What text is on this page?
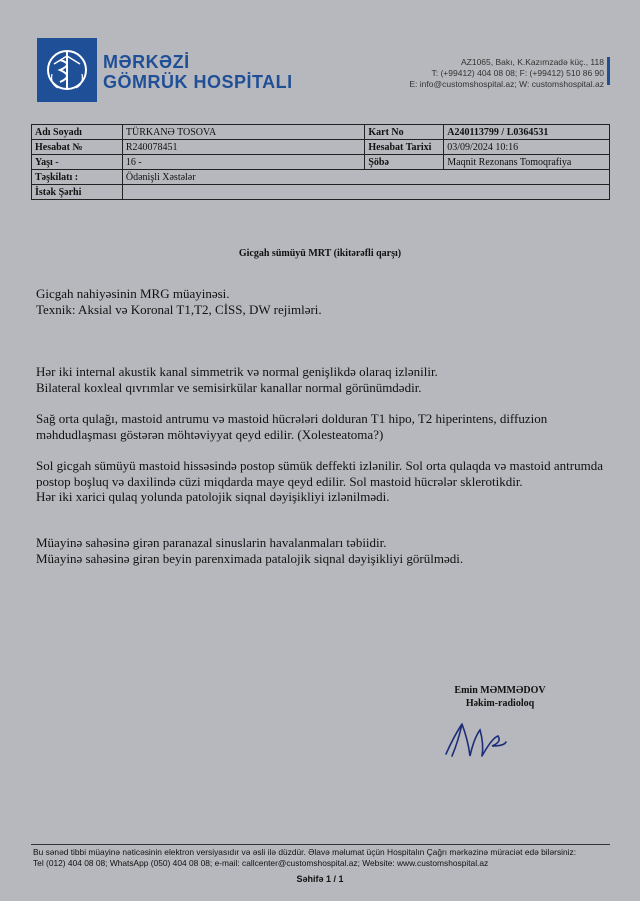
MƏRKƏZİ
GÖMRÜK HOSPİTALI
AZ1065, Bakı, K.Kazımzadə küç., 118
T: (+99412) 404 08 08; F: (+99412) 510 86 90
E: info@customshospital.az; W: customshospital.az
Adı Soyadı	TÜRKANƏ TOSOVA	Kart No	A240113799 / L0364531
Hesabat №	R240078451	Hesabat Tarixi	03/09/2024 10:16
Yaşı -	16 -	Şöbə	Maqnit Rezonans Tomoqrafiya
Təşkilatı :	Ödənişli Xəstələr		
İstək Şərhi			
Gicgah sümüyü MRT (ikitərəfli qarşı)
Gicgah nahiyəsinin MRG müayinəsi.
Texnik: Aksial və Koronal T1,T2, CİSS, DW rejimləri.
Hər iki internal akustik kanal simmetrik və normal genişlikdə olaraq izlənilir.
Bilateral koxleal qıvrımlar ve semisirkülar kanallar normal görünümdədir.
Sağ orta qulağı, mastoid antrumu və mastoid hücrələri dolduran T1 hipo, T2 hiperintens, diffuzion məhdudlaşması göstərən möhtəviyyat qeyd edilir. (Xolesteatoma?)
Sol gicgah sümüyü mastoid hissəsində postop sümük deffekti izlənilir. Sol orta qulaqda və mastoid antrumda postop boşluq və daxilində cüzi miqdarda maye qeyd edilir. Sol mastoid hücrələr sklerotikdir.
Hər iki xarici qulaq yolunda patolojik siqnal dəyişikliyi izlənilmədi.
Müayinə sahəsinə girən paranazal sinuslarin havalanmaları təbiidir.
Müayinə sahəsinə girən beyin parenximada patalojik siqnal dəyişikliyi görülmədi.
Emin MƏMMƏDOV
Həkim-radioloq
Bu sənəd tibbi müayinə nəticəsinin elektron versiyasıdır və əsli ilə düzdür. Əlavə məlumat üçün Hospitalın Çağrı mərkəzinə müraciət edə bilərsiniz:
Tel (012) 404 08 08; WhatsApp (050) 404 08 08; e-mail: callcenter@customshospital.az; Website: www.customshospital.az
Səhifə 1 / 1
